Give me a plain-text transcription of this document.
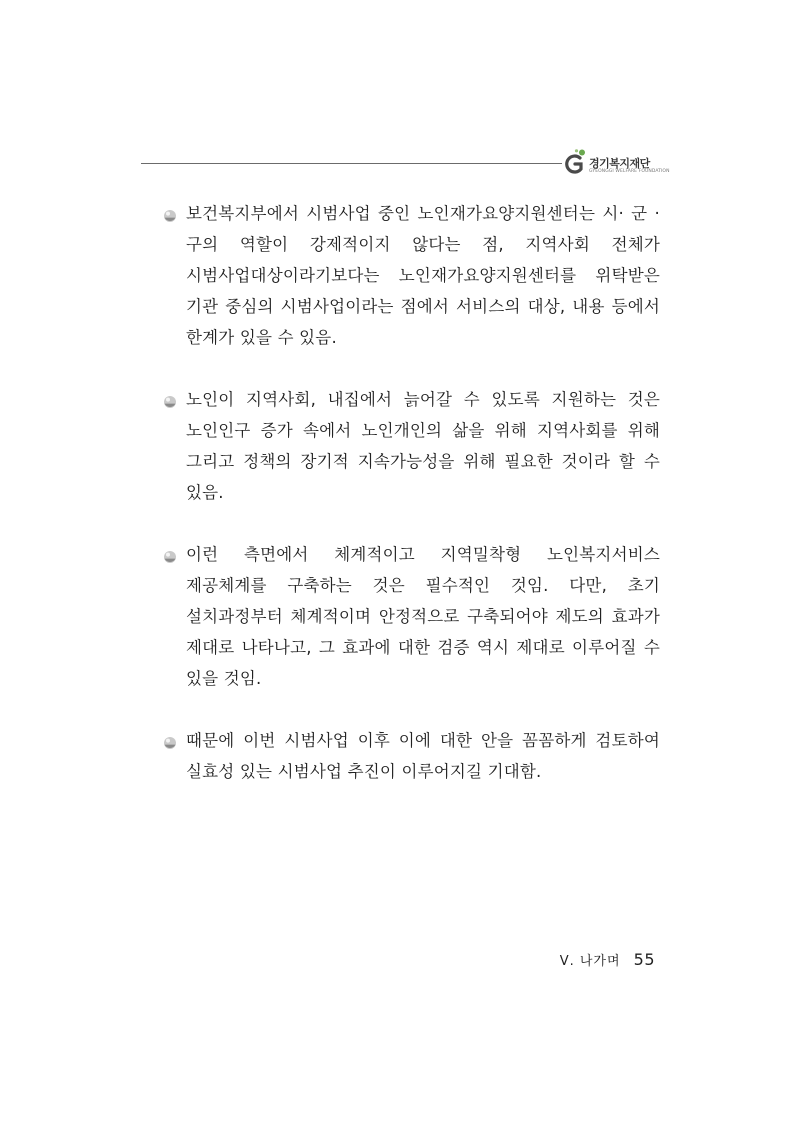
경기복지재단
GYEONGGI WELFARE FOUNDATION

보건복지부에서 시범사업 중인 노인재가요양지원센터는 시· 군 · 구의 역할이 강제적이지 않다는 점, 지역사회 전체가 시범사업대상이라기보다는 노인재가요양지원센터를 위탁받은 기관 중심의 시범사업이라는 점에서 서비스의 대상, 내용 등에서 한계가 있을 수 있음.

노인이 지역사회, 내집에서 늙어갈 수 있도록 지원하는 것은 노인인구 증가 속에서 노인개인의 삶을 위해 지역사회를 위해 그리고 정책의 장기적 지속가능성을 위해 필요한 것이라 할 수 있음.

이런 측면에서 체계적이고 지역밀착형 노인복지서비스 제공체계를 구축하는 것은 필수적인 것임. 다만, 초기 설치과정부터 체계적이며 안정적으로 구축되어야 제도의 효과가 제대로 나타나고, 그 효과에 대한 검증 역시 제대로 이루어질 수 있을 것임.

때문에 이번 시범사업 이후 이에 대한 안을 꼼꼼하게 검토하여 실효성 있는 시범사업 추진이 이루어지길 기대함.

Ⅴ. 나가며 55
